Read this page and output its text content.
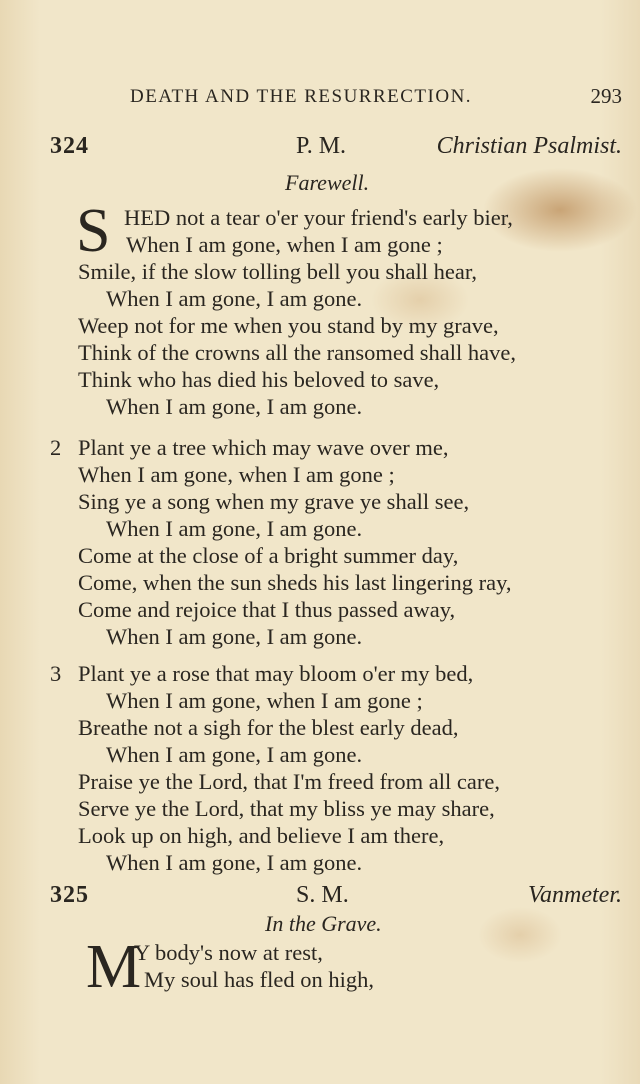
DEATH AND THE RESURRECTION.	293
324	P. M.	Christian Psalmist.
Farewell.
S HED not a tear o'er your friend's early bier,
When I am gone, when I am gone ;
Smile, if the slow tolling bell you shall hear,
When I am gone, I am gone.
Weep not for me when you stand by my grave,
Think of the crowns all the ransomed shall have,
Think who has died his beloved to save,
When I am gone, I am gone.
2 Plant ye a tree which may wave over me,
When I am gone, when I am gone ;
Sing ye a song when my grave ye shall see,
When I am gone, I am gone.
Come at the close of a bright summer day,
Come, when the sun sheds his last lingering ray,
Come and rejoice that I thus passed away,
When I am gone, I am gone.
3 Plant ye a rose that may bloom o'er my bed,
When I am gone, when I am gone ;
Breathe not a sigh for the blest early dead,
When I am gone, I am gone.
Praise ye the Lord, that I'm freed from all care,
Serve ye the Lord, that my bliss ye may share,
Look up on high, and believe I am there,
When I am gone, I am gone.
325	S. M.	Vanmeter.
In the Grave.
M
Y body's now at rest,
My soul has fled on high,
